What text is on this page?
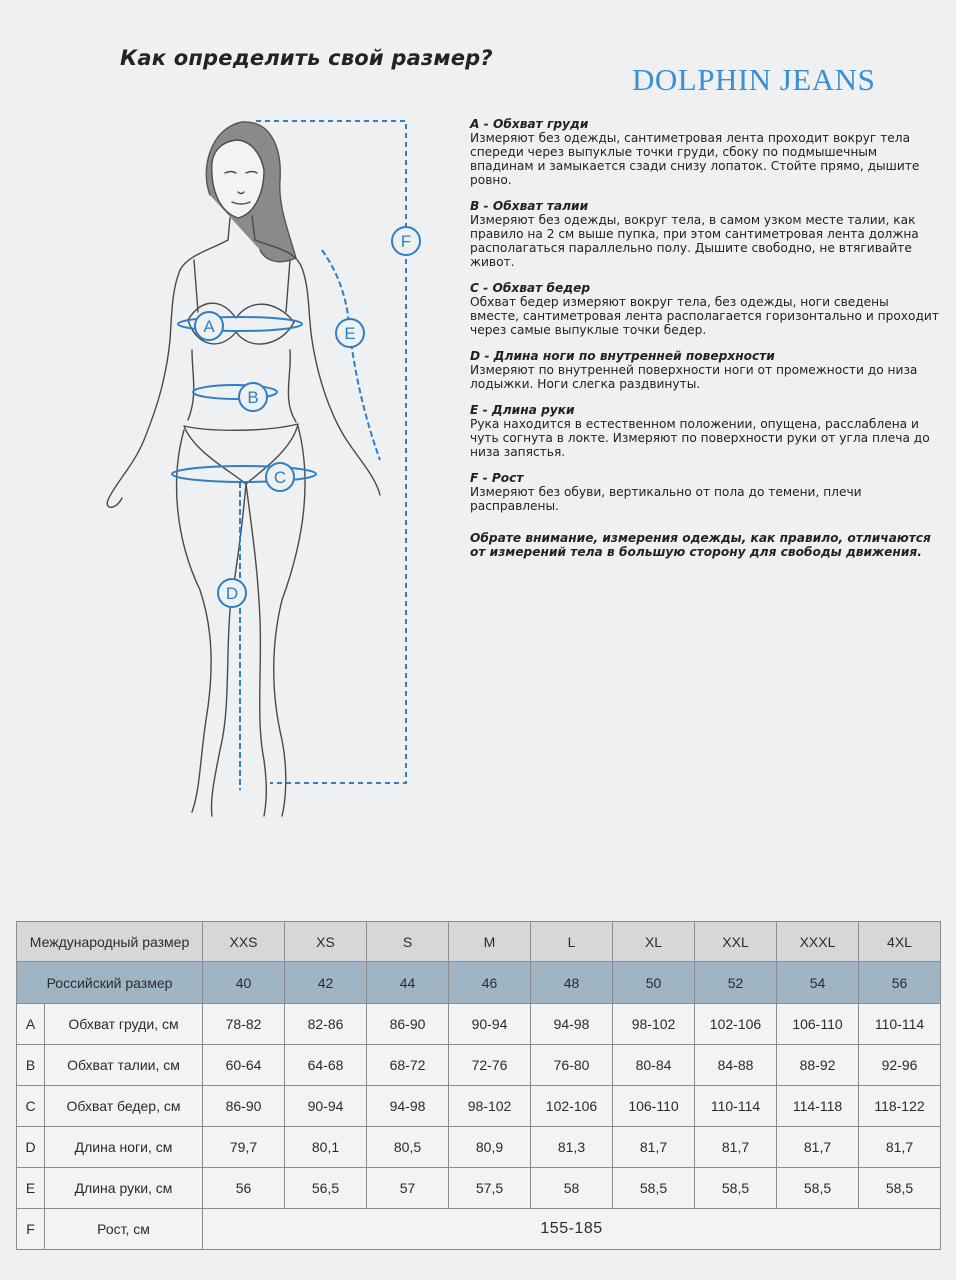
Как определить свой размер?
DOLPHIN JEANS
A
B
C
D
E
F
A - Обхват груди
Измеряют без одежды, сантиметровая лента проходит вокруг тела спереди через выпуклые точки груди, сбоку по подмышечным впадинам и замыкается сзади снизу лопаток. Стойте прямо, дышите ровно.
B - Обхват талии
Измеряют без одежды, вокруг тела, в самом узком месте талии, как правило на 2 см выше пупка, при этом сантиметровая лента должна располагаться параллельно полу. Дышите свободно, не втягивайте живот.
C - Обхват бедер
Обхват бедер измеряют вокруг тела, без одежды, ноги сведены вместе, сантиметровая лента располагается горизонтально и проходит через самые выпуклые точки бедер.
D - Длина ноги по внутренней поверхности
Измеряют по внутренней поверхности ноги от промежности до низа лодыжки. Ноги слегка раздвинуты.
E - Длина руки
Рука находится в естественном положении, опущена, расслаблена и чуть согнута в локте. Измеряют по поверхности руки от угла плеча до низа запястья.
F - Рост
Измеряют без обуви, вертикально от пола до темени, плечи расправлены.
Обрате внимание, измерения одежды, как правило, отличаются от измерений тела в большую сторону для свободы движения.
Международный размер		XXS	XS	S	M	L	XL	XXL	XXXL	4XL
Российский размер		40	42	44	46	48	50	52	54	56
A	Обхват груди, см	78-82	82-86	86-90	90-94	94-98	98-102	102-106	106-110	110-114
B	Обхват талии, см	60-64	64-68	68-72	72-76	76-80	80-84	84-88	88-92	92-96
C	Обхват бедер, см	86-90	90-94	94-98	98-102	102-106	106-110	110-114	114-118	118-122
D	Длина ноги, см	79,7	80,1	80,5	80,9	81,3	81,7	81,7	81,7	81,7
E	Длина руки, см	56	56,5	57	57,5	58	58,5	58,5	58,5	58,5
F	Рост, см	155-185								
